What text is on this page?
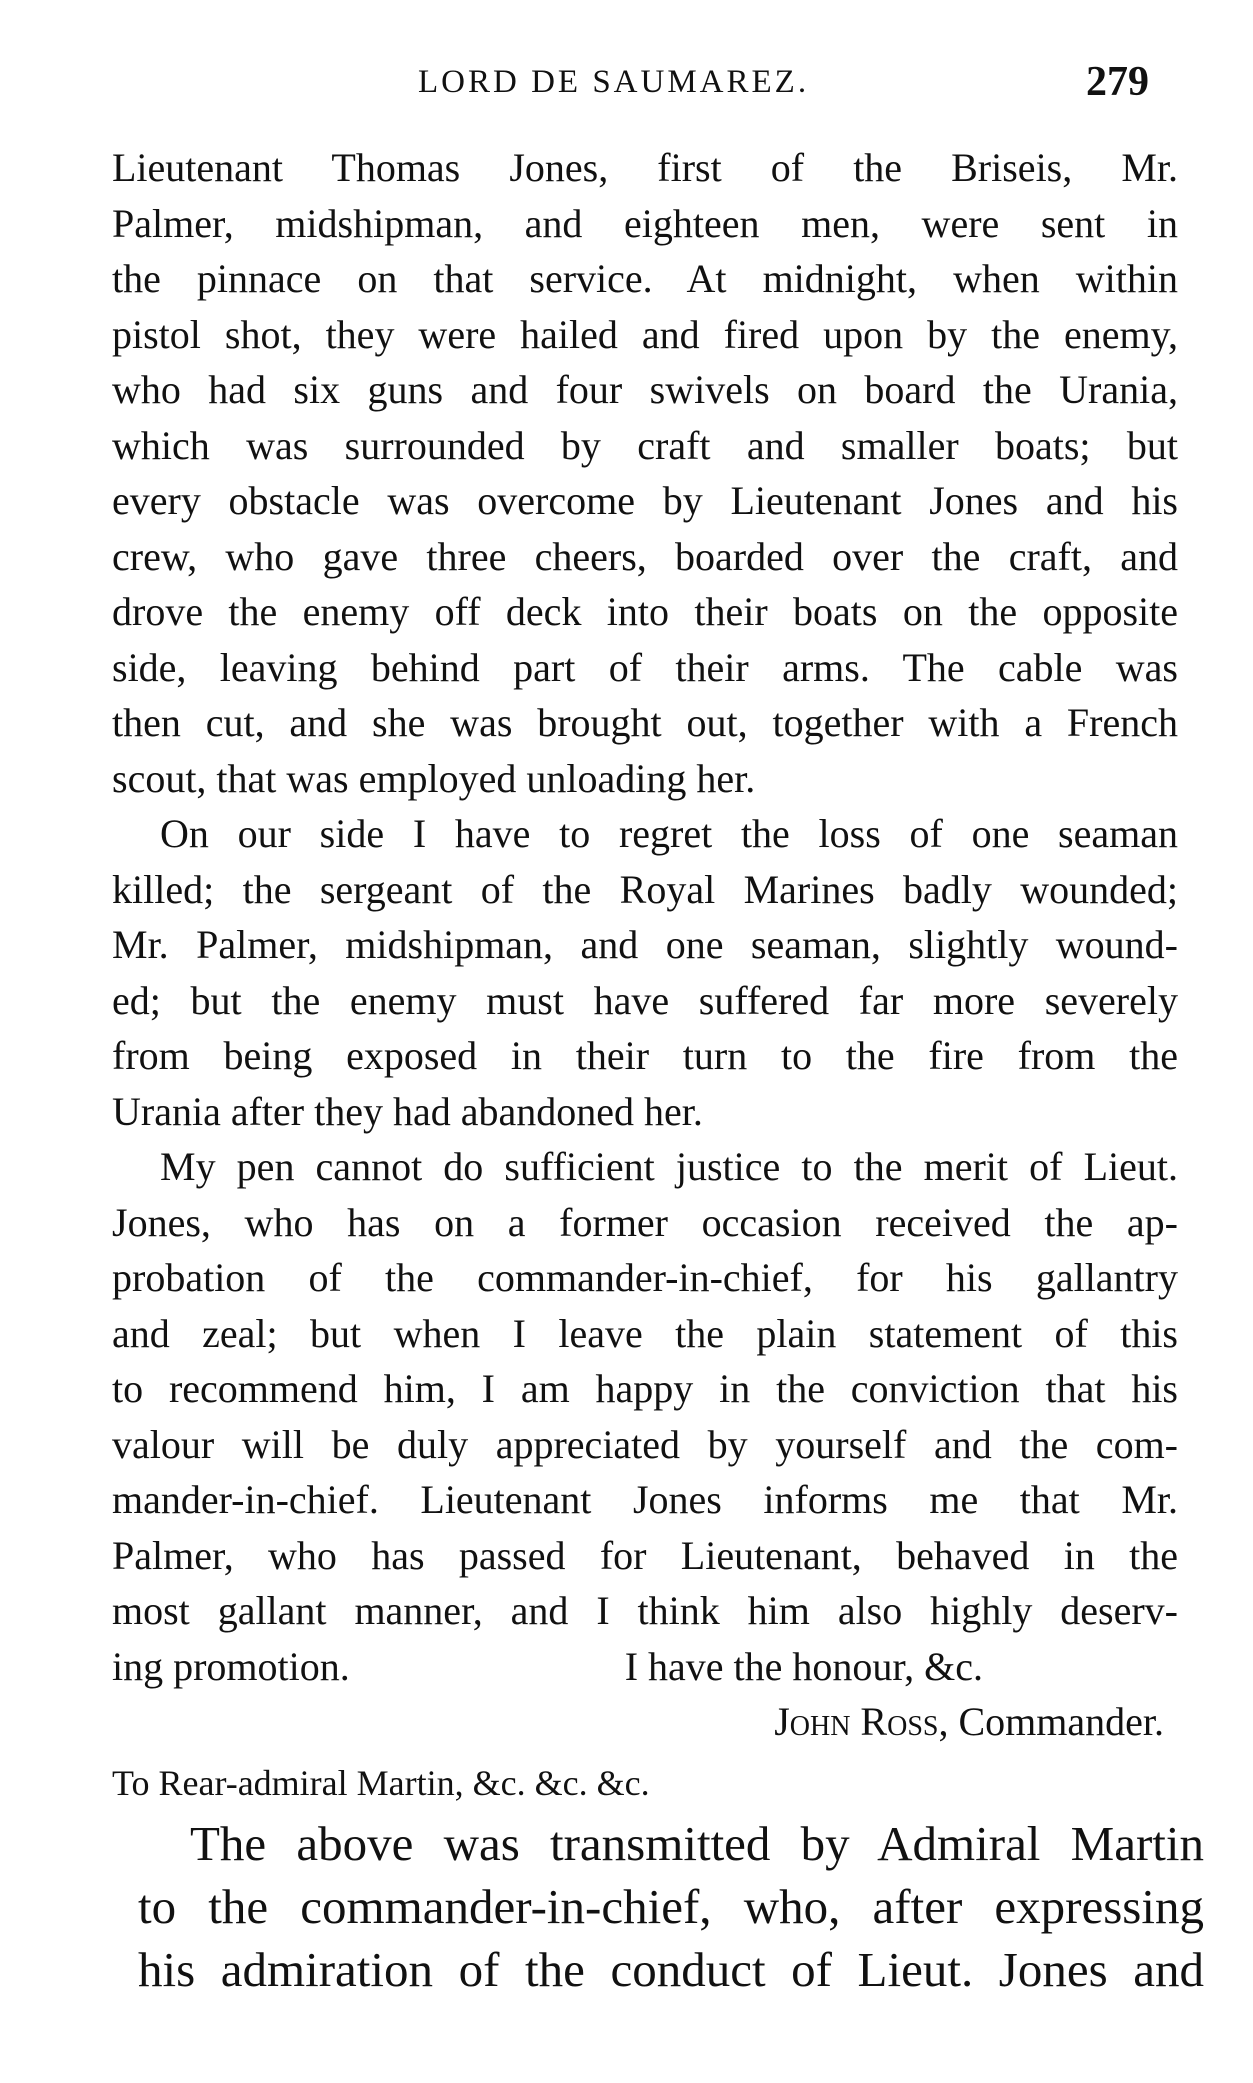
LORD DE SAUMAREZ.	279
Lieutenant Thomas Jones, first of the Briseis, Mr.
Palmer, midshipman, and eighteen men, were sent in
the pinnace on that service. At midnight, when within
pistol shot, they were hailed and fired upon by the enemy,
who had six guns and four swivels on board the Urania,
which was surrounded by craft and smaller boats; but
every obstacle was overcome by Lieutenant Jones and his
crew, who gave three cheers, boarded over the craft, and
drove the enemy off deck into their boats on the opposite
side, leaving behind part of their arms. The cable was
then cut, and she was brought out, together with a French
scout, that was employed unloading her.
On our side I have to regret the loss of one seaman
killed; the sergeant of the Royal Marines badly wounded;
Mr. Palmer, midshipman, and one seaman, slightly wound-
ed; but the enemy must have suffered far more severely
from being exposed in their turn to the fire from the
Urania after they had abandoned her.
My pen cannot do sufficient justice to the merit of Lieut.
Jones, who has on a former occasion received the ap-
probation of the commander-in-chief, for his gallantry
and zeal; but when I leave the plain statement of this
to recommend him, I am happy in the conviction that his
valour will be duly appreciated by yourself and the com-
mander-in-chief. Lieutenant Jones informs me that Mr.
Palmer, who has passed for Lieutenant, behaved in the
most gallant manner, and I think him also highly deserv-
ing promotion.	I have the honour, &c.
John Ross, Commander.
To Rear-admiral Martin, &c. &c. &c.
The above was transmitted by Admiral Martin
to the commander-in-chief, who, after expressing
his admiration of the conduct of Lieut. Jones and
